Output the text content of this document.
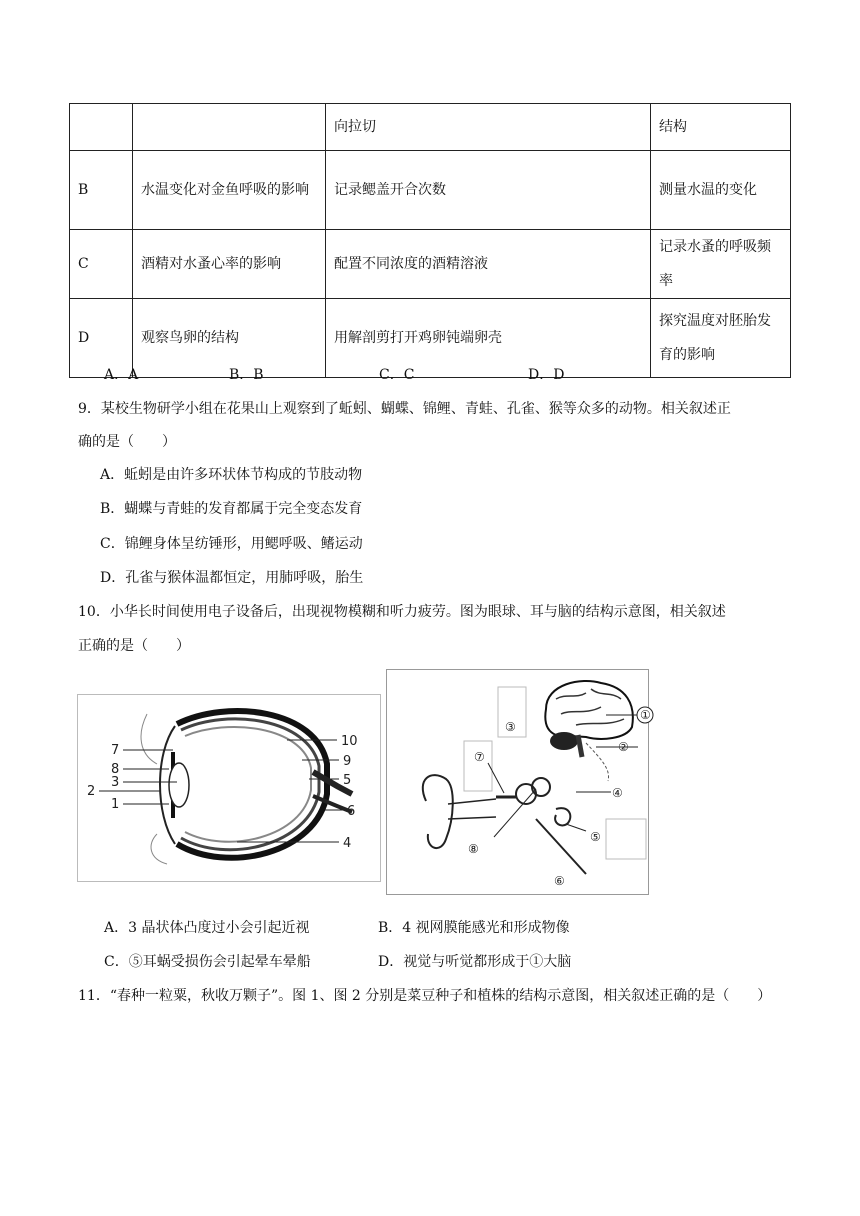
		向拉切	结构
B	水温变化对金鱼呼吸的影响	记录鳃盖开合次数	测量水温的变化
C	酒精对水蚤心率的影响	配置不同浓度的酒精溶液	记录水蚤的呼吸频率
D	观察鸟卵的结构	用解剖剪打开鸡卵钝端卵壳	探究温度对胚胎发育的影响
A．A	B．B	C．C	D．D
9．某校生物研学小组在花果山上观察到了蚯蚓、蝴蝶、锦鲤、青蛙、孔雀、猴等众多的动物。相关叙述正
确的是（　　）
A．蚯蚓是由许多环状体节构成的节肢动物
B．蝴蝶与青蛙的发育都属于完全变态发育
C．锦鲤身体呈纺锤形，用鳃呼吸、鳍运动
D．孔雀与猴体温都恒定，用肺呼吸，胎生
10．小华长时间使用电子设备后，出现视物模糊和听力疲劳。图为眼球、耳与脑的结构示意图，相关叙述
正确的是（　　）
7
8
3
2
1
10
9
5
6
4
①
②
③
④
⑤
⑥
⑦
⑧
A．3 晶状体凸度过小会引起近视	B．4 视网膜能感光和形成物像
C．⑤耳蜗受损伤会引起晕车晕船	D．视觉与听觉都形成于①大脑
11．“春种一粒粟，秋收万颗子”。图 1、图 2 分别是菜豆种子和植株的结构示意图，相关叙述正确的是（　　）
